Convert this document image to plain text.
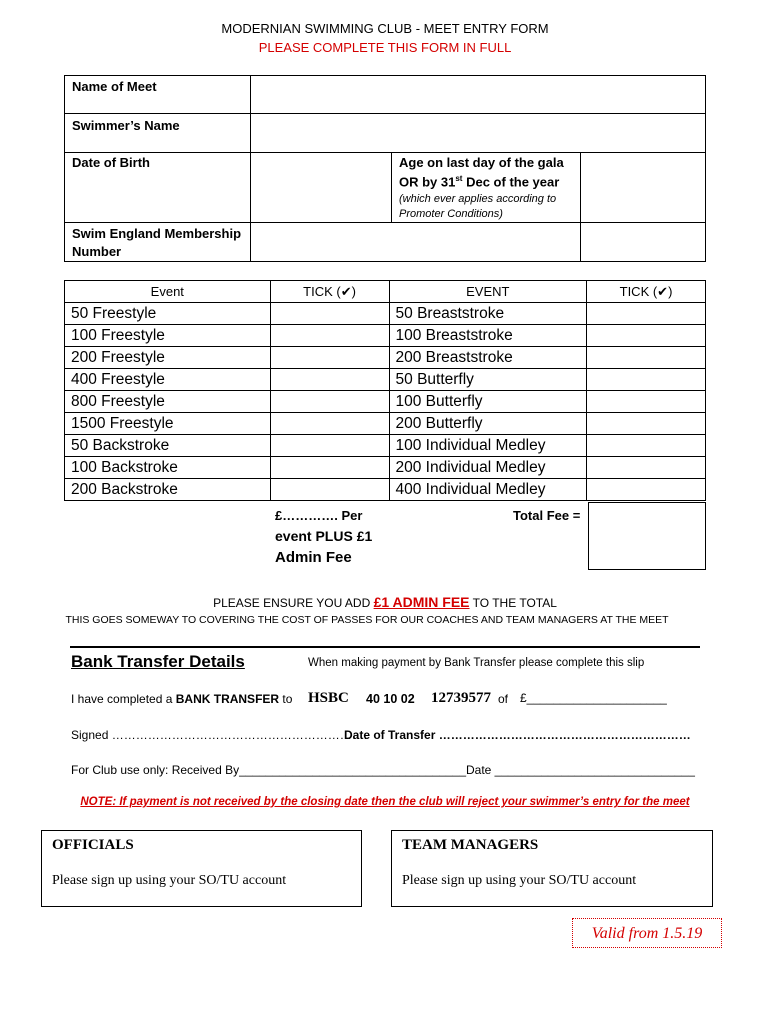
MODERNIAN SWIMMING CLUB - MEET ENTRY FORM
PLEASE COMPLETE THIS FORM IN FULL
Name of Meet
Swimmer’s Name
Date of Birth	Age on last day of the gala
OR by 31st Dec of the year
(which ever applies according to
Promoter Conditions)
Swim England Membership
Number
Event	TICK (✔)	EVENT	TICK (✔)
50 Freestyle		50 Breaststroke	
100 Freestyle		100 Breaststroke	
200 Freestyle		200 Breaststroke	
400 Freestyle		50 Butterfly	
800 Freestyle		100 Butterfly	
1500 Freestyle		200 Butterfly	
50 Backstroke		100 Individual Medley	
100 Backstroke		200 Individual Medley	
200 Backstroke		400 Individual Medley	
£…………. Per
event PLUS £1
Admin Fee
Total Fee =
PLEASE ENSURE YOU ADD £1 ADMIN FEE TO THE TOTAL
THIS GOES SOMEWAY TO COVERING THE COST OF PASSES FOR OUR COACHES AND TEAM MANAGERS AT THE MEET
Bank Transfer Details	When making payment by Bank Transfer please complete this slip
I have completed a BANK TRANSFER to HSBC 40 10 02 12739577 of £_____________________
Signed ……………………………………………………….
Date of Transfer ………………………………………………………
For Club use only: Received By__________________________________Date ______________________________
NOTE: If payment is not received by the closing date then the club will reject your swimmer’s entry for the meet
OFFICIALS
Please sign up using your SO/TU account
TEAM MANAGERS
Please sign up using your SO/TU account
Valid from 1.5.19
